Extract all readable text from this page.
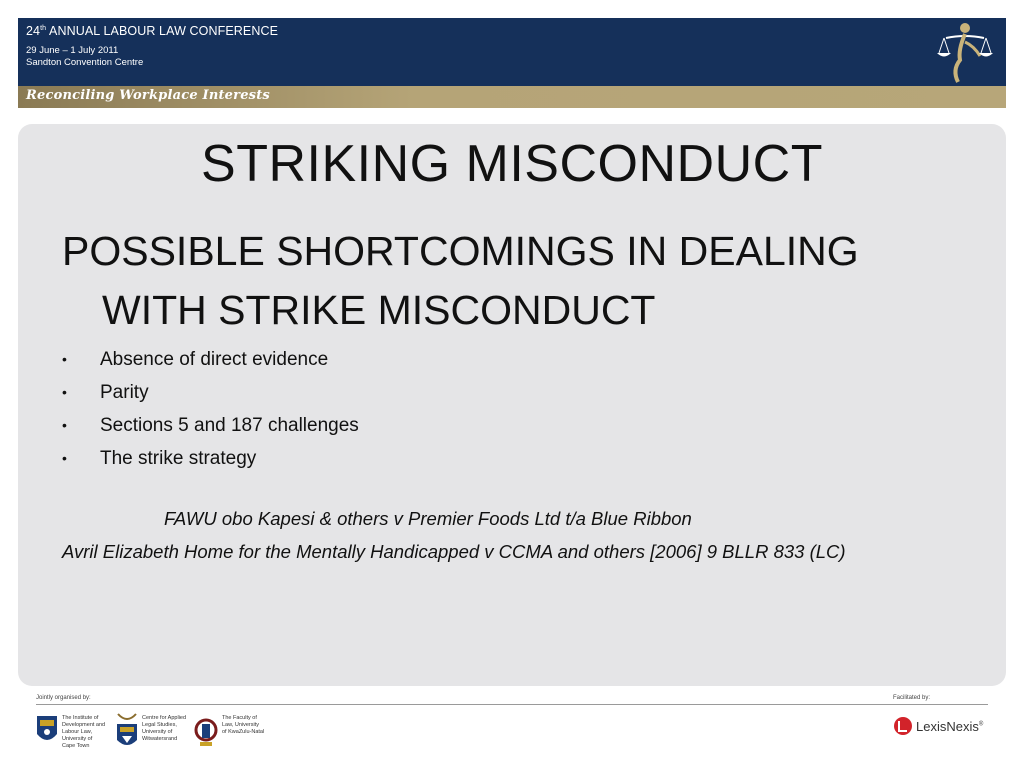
24th ANNUAL LABOUR LAW CONFERENCE
29 June – 1 July 2011
Sandton Convention Centre
Reconciling Workplace Interests
STRIKING MISCONDUCT
POSSIBLE SHORTCOMINGS IN DEALING
WITH STRIKE MISCONDUCT
• Absence of direct evidence
• Parity
• Sections 5 and 187 challenges
• The strike strategy
FAWU obo Kapesi & others v Premier Foods Ltd t/a Blue Ribbon
Avril Elizabeth Home for the Mentally Handicapped v CCMA and others [2006] 9 BLLR 833 (LC)
Jointly organised by:	Facilitated by:
The Institute of
Development and
Labour Law,
University of
Cape Town
Centre for Applied
Legal Studies,
University of
Witwatersrand
The Faculty of
Law, University
of KwaZulu-Natal	LexisNexis®
